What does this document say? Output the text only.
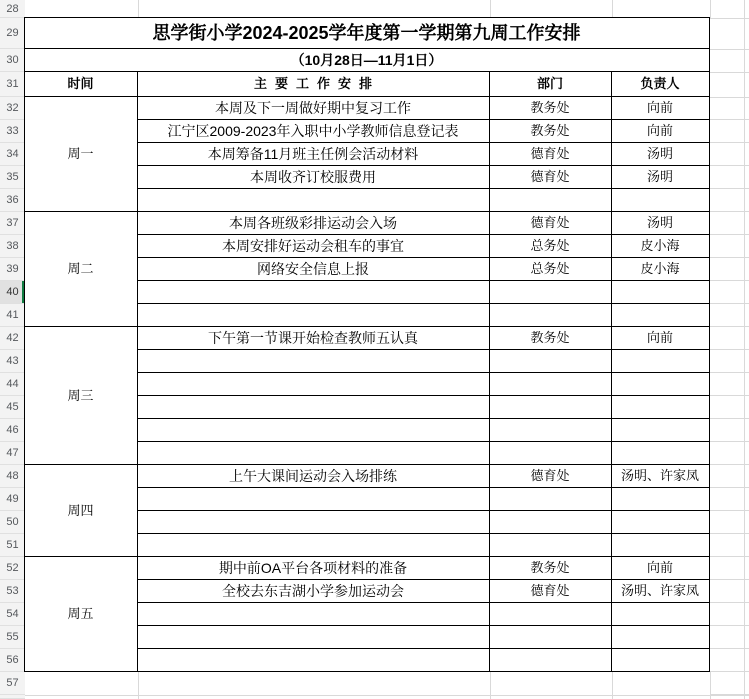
28
29
30
31
32
33
34
35
36
37
38
39
40
41
42
43
44
45
46
47
48
49
50
51
52
53
54
55
56
57
思学街小学2024-2025学年度第一学期第九周工作安排
（10月28日—11月1日）
时间	主要工作安排	部门	负责人
周一
本周及下一周做好期中复习工作	教务处	向前
江宁区2009-2023年入职中小学教师信息登记表	教务处	向前
本周筹备11月班主任例会活动材料	德育处	汤明
本周收齐订校服费用	德育处	汤明
周二
本周各班级彩排运动会入场	德育处	汤明
本周安排好运动会租车的事宜	总务处	皮小海
网络安全信息上报	总务处	皮小海
周三
下午第一节课开始检查教师五认真	教务处	向前
周四
上午大课间运动会入场排练	德育处	汤明、许家凤
周五
期中前OA平台各项材料的准备	教务处	向前
全校去东吉湖小学参加运动会	德育处	汤明、许家凤
